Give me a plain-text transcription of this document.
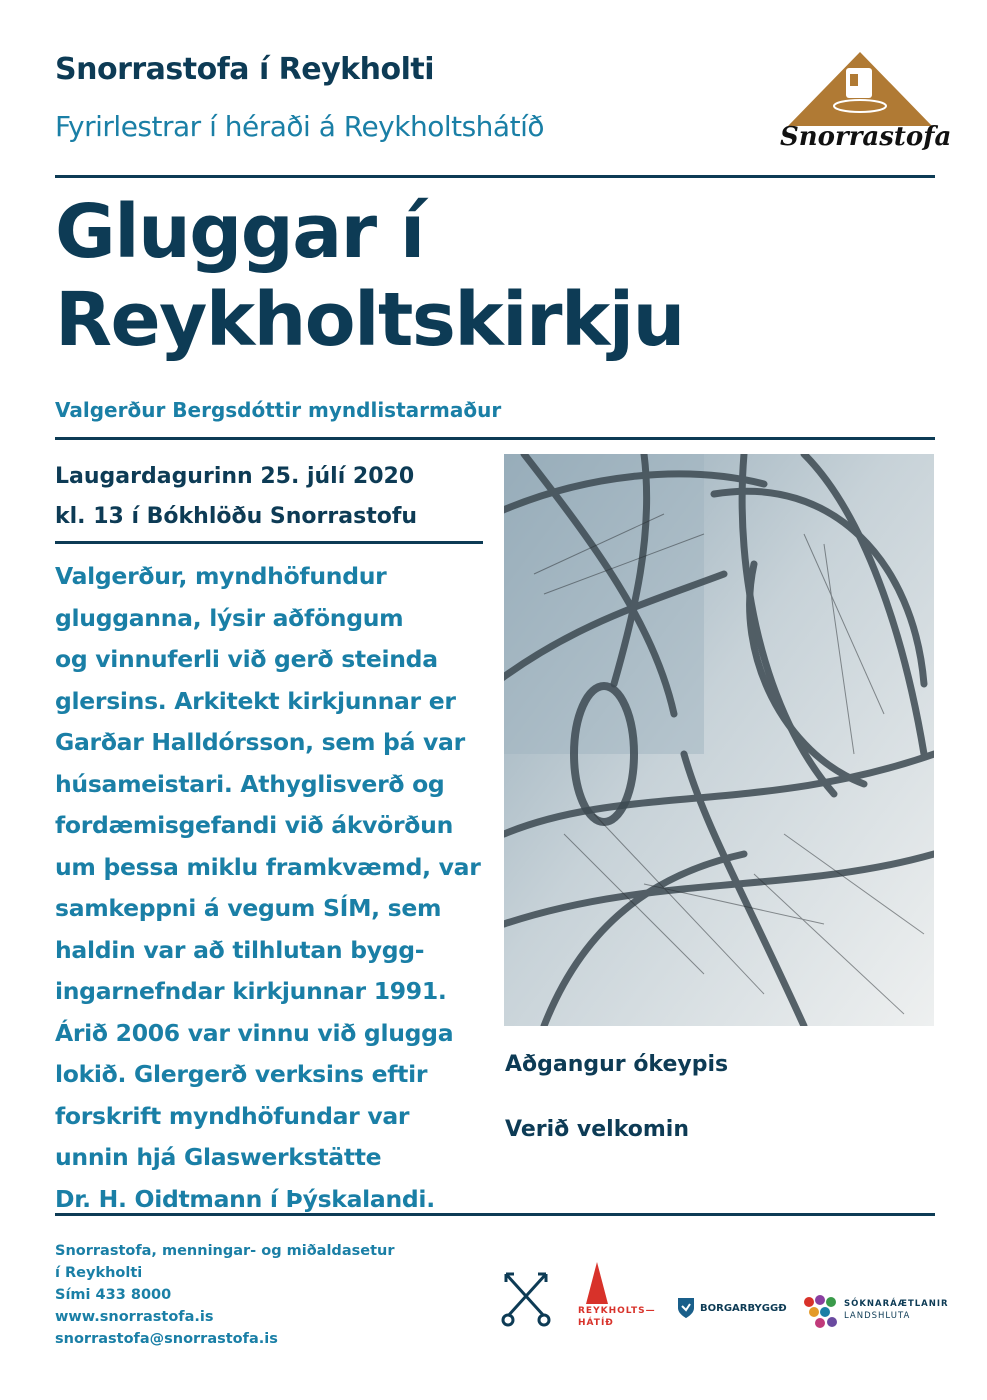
Snorrastofa í Reykholti
Fyrirlestrar í héraði á Reykholtshátíð	Snorrastofa
Gluggar í
Reykholtskirkju
Valgerður Bergsdóttir myndlistarmaður
Laugardagurinn 25. júlí 2020
kl. 13 í Bókhlöðu Snorrastofu
Valgerður, myndhöfundur
glugganna, lýsir aðföngum
og vinnuferli við gerð steinda
glersins. Arkitekt kirkjunnar er
Garðar Halldórsson, sem þá var
húsameistari. Athyglisverð og
fordæmisgefandi við ákvörðun
um þessa miklu framkvæmd, var
samkeppni á vegum SÍM, sem
haldin var að tilhlutan bygg-
ingarnefndar kirkjunnar 1991.
Árið 2006 var vinnu við glugga
lokið. Glergerð verksins eftir
forskrift myndhöfundar var
unnin hjá Glaswerkstätte
Dr. H. Oidtmann í Þýskalandi.
Aðgangur ókeypis
Verið velkomin
Snorrastofa, menningar- og miðaldasetur
í Reykholti
Sími 433 8000
www.snorrastofa.is
snorrastofa@snorrastofa.is
REYKHOLTS—
HÁTÍÐ
BORGARBYGGÐ	SÓKNARÁÆTLANIR
LANDSHLUTA
